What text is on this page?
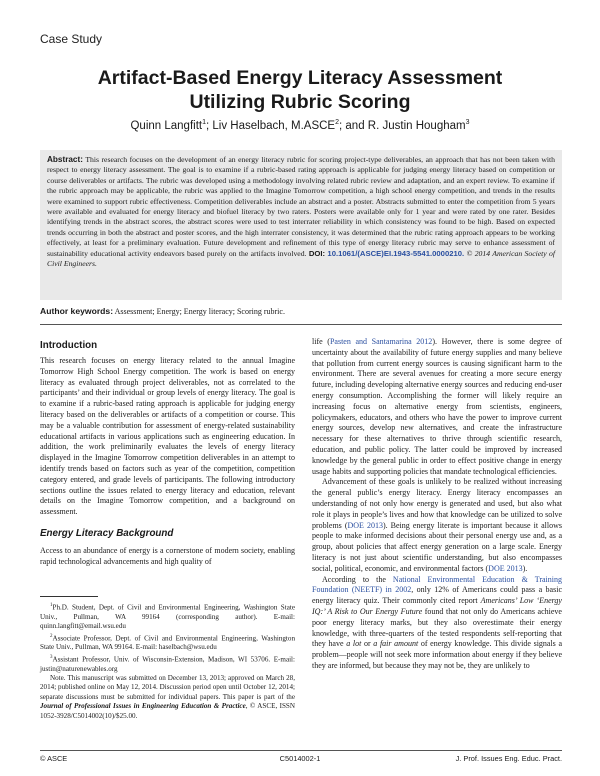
Case Study
Artifact-Based Energy Literacy Assessment
Utilizing Rubric Scoring
Quinn Langfitt$^1$; Liv Haselbach, M.ASCE$^2$; and R. Justin Hougham$^3$
Abstract: This research focuses on the development of an energy literacy rubric for scoring project-type deliverables, an approach that has not been taken with respect to energy literacy assessment. The goal is to examine if a rubric-based rating approach is applicable for judging energy literacy based on competition or course deliverables or artifacts. The rubric was developed using a methodology involving related rubric review and adaptation, and an expert review. To examine if the rubric approach may be applicable, the rubric was applied to the Imagine Tomorrow competition, a high school energy competition, and trends in the results were examined to support rubric effectiveness. Competition deliverables include an abstract and a poster. Abstracts submitted to enter the competition from 5 years were available and evaluated for energy literacy and biofuel literacy by two raters. Posters were available only for 1 year and were rated by one rater. Besides identifying trends in the abstract scores, the abstract scores were used to test interrater reliability in which consistency was found to be high. Based on expected trends occurring in both the abstract and poster scores, and the high interrater consistency, it was determined that the rubric rating approach appears to be working effectively, at least for a preliminary evaluation. Future development and refinement of this type of energy literacy rubric may serve to enhance assessment of sustainability educational activity endeavors based purely on the artifacts involved. DOI: 10.1061/(ASCE)EI.1943-5541.0000210. © 2014 American Society of Civil Engineers.
Author keywords: Assessment; Energy; Energy literacy; Scoring rubric.
Introduction

This research focuses on energy literacy related to the annual Imagine Tomorrow High School Energy competition. The work is based on energy literacy as evaluated through project deliverables, not as correlated to the participants’ and their individual or group levels of energy literacy. The goal is to examine if a rubric-based rating approach is applicable for judging energy literacy based on the deliverables or artifacts of a competition or course. This may be a valuable contribution for assessment of energy-related sustainability educational artifacts in various applications such as engineering education. In addition, the work preliminarily evaluates the levels of energy literacy displayed in the Imagine Tomorrow competition deliverables in an attempt to identify trends based on factors such as year of the competition, competition category entered, and grade levels of participants. The following introductory sections outline the issues related to energy literacy and education, relevant details on the Imagine Tomorrow competition, and a background on assessment.

Energy Literacy Background

Access to an abundance of energy is a cornerstone of modern society, enabling rapid technological advancements and high quality of

$^1$Ph.D. Student, Dept. of Civil and Environmental Engineering, Washington State Univ., Pullman, WA 99164 (corresponding author). E-mail: quinn.langfitt@email.wsu.edu

$^2$Associate Professor, Dept. of Civil and Environmental Engineering, Washington State Univ., Pullman, WA 99164. E-mail: haselbach@wsu.edu

$^3$Assistant Professor, Univ. of Wisconsin-Extension, Madison, WI 53706. E-mail: justin@naturenewables.org

Note. This manuscript was submitted on December 13, 2013; approved on March 28, 2014; published online on May 12, 2014. Discussion period open until October 12, 2014; separate discussions must be submitted for individual papers. This paper is part of the Journal of Professional Issues in Engineering Education & Practice, © ASCE, ISSN 1052-3928/C5014002(10)/$25.00.

life (Pasten and Santamarina 2012). However, there is some degree of uncertainty about the availability of future energy supplies and many believe that pollution from current energy sources is causing significant harm to the environment. There are several avenues for creating a more secure energy future, including developing alternative energy sources and reducing end-user energy consumption. Accomplishing the former will likely require an increasing focus on alternative energy from scientists, engineers, policymakers, educators, and others who have the power to improve current energy sources, develop new alternatives, and create the infrastructure necessary for these alternatives to thrive through scientific research, education, and public policy. The latter could be improved by increased knowledge by the general public in order to effect positive change in energy usage habits and supporting policies that mandate technological efficiencies.

Advancement of these goals is unlikely to be realized without increasing the general public’s energy literacy. Energy literacy encompasses an understanding of not only how energy is generated and used, but also what role it plays in people’s lives and how that knowledge can be utilized to solve problems (DOE 2013). Being energy literate is important because it allows people to make informed decisions about their personal energy use and, as a group, about policies that affect energy generation on a large scale. Energy literacy is not just about scientific understanding, but also encompasses social, political, economic, and environmental factors (DOE 2013).

According to the National Environmental Education & Training Foundation (NEETF) in 2002, only 12% of Americans could pass a basic energy literacy quiz. Their commonly cited report Americans’ Low ‘Energy IQ:’ A Risk to Our Energy Future found that not only do Americans achieve poor energy literacy marks, but they also overestimate their energy knowledge, with three-quarters of the tested respondents self-reporting that they have a lot or a fair amount of energy knowledge. This divide signals a problem—people will not seek more information about energy if they believe they are informed, but because they may not be, they are unlikely to

© ASCE	C5014002-1	J. Prof. Issues Eng. Educ. Pract.
